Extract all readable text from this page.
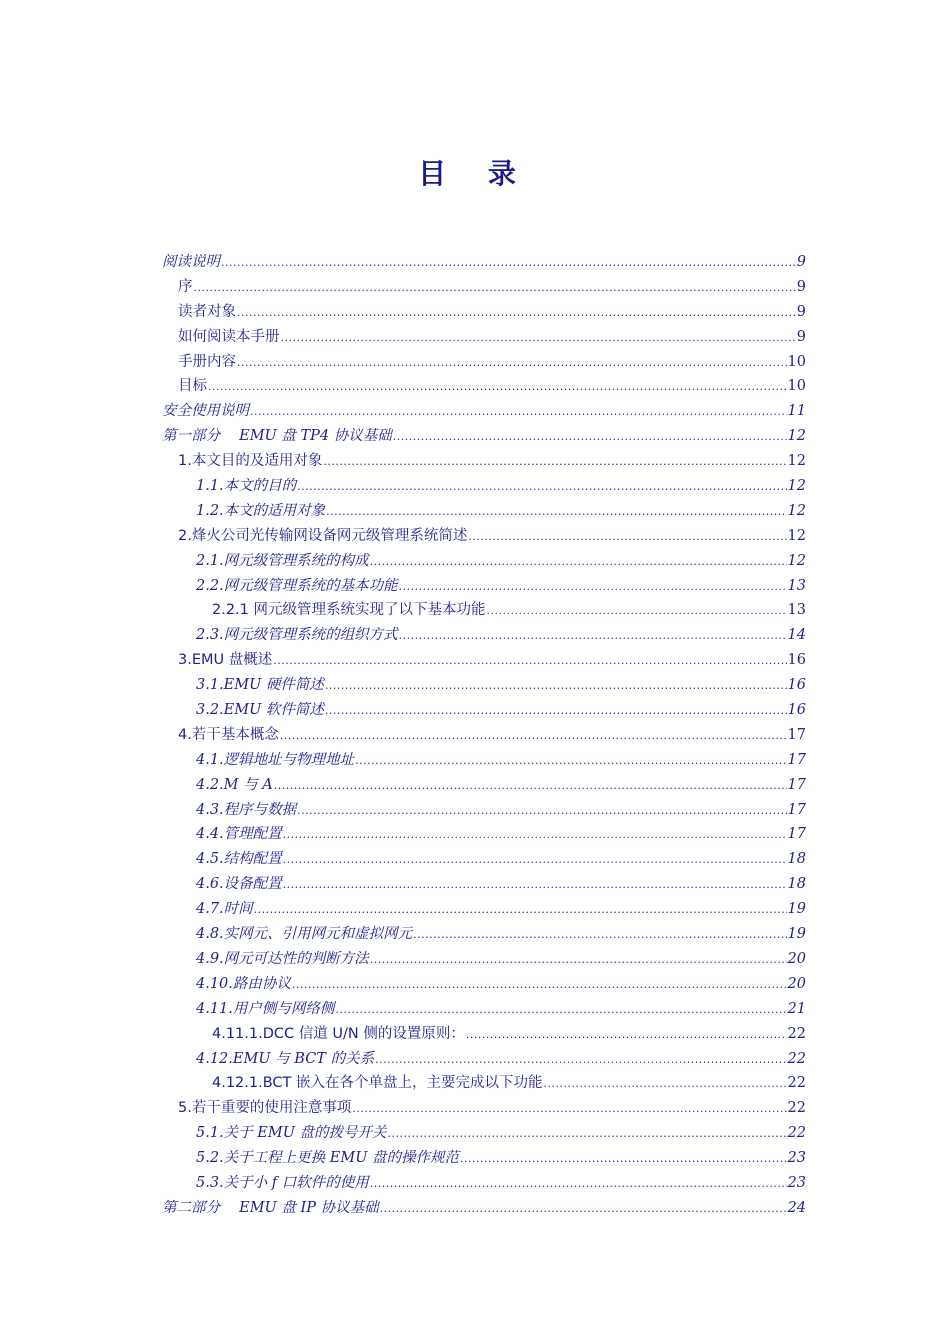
目 录
阅读说明 .....	9
序 .....	9
读者对象 .....	9
如何阅读本手册 .....	9
手册内容 .....	10
目标 .....	10
安全使用说明 .....	11
第一部分　 EMU 盘 TP4 协议基础 .....	12
1.本文目的及适用对象 .....	12
1.1.本文的目的 .....	12
1.2.本文的适用对象 .....	12
2.烽火公司光传输网设备网元级管理系统简述 .....	12
2.1.网元级管理系统的构成 .....	12
2.2.网元级管理系统的基本功能 .....	13
2.2.1 网元级管理系统实现了以下基本功能 .....	13
2.3.网元级管理系统的组织方式 .....	14
3.EMU 盘概述 .....	16
3.1.EMU 硬件简述 .....	16
3.2.EMU 软件简述 .....	16
4.若干基本概念 .....	17
4.1.逻辑地址与物理地址 .....	17
4.2.M 与 A .....	17
4.3.程序与数据 .....	17
4.4.管理配置 .....	17
4.5.结构配置 .....	18
4.6.设备配置 .....	18
4.7.时间 .....	19
4.8.实网元、引用网元和虚拟网元 .....	19
4.9.网元可达性的判断方法 .....	20
4.10.路由协议 .....	20
4.11.用户侧与网络侧 .....	21
4.11.1.DCC 信道 U/N 侧的设置原则： .....	22
4.12.EMU 与 BCT 的关系 .....	22
4.12.1.BCT 嵌入在各个单盘上，主要完成以下功能 .....	22
5.若干重要的使用注意事项 .....	22
5.1.关于 EMU 盘的拨号开关 .....	22
5.2.关于工程上更换 EMU 盘的操作规范 .....	23
5.3.关于小 f 口软件的使用 .....	23
第二部分　 EMU 盘 IP 协议基础 .....	24
